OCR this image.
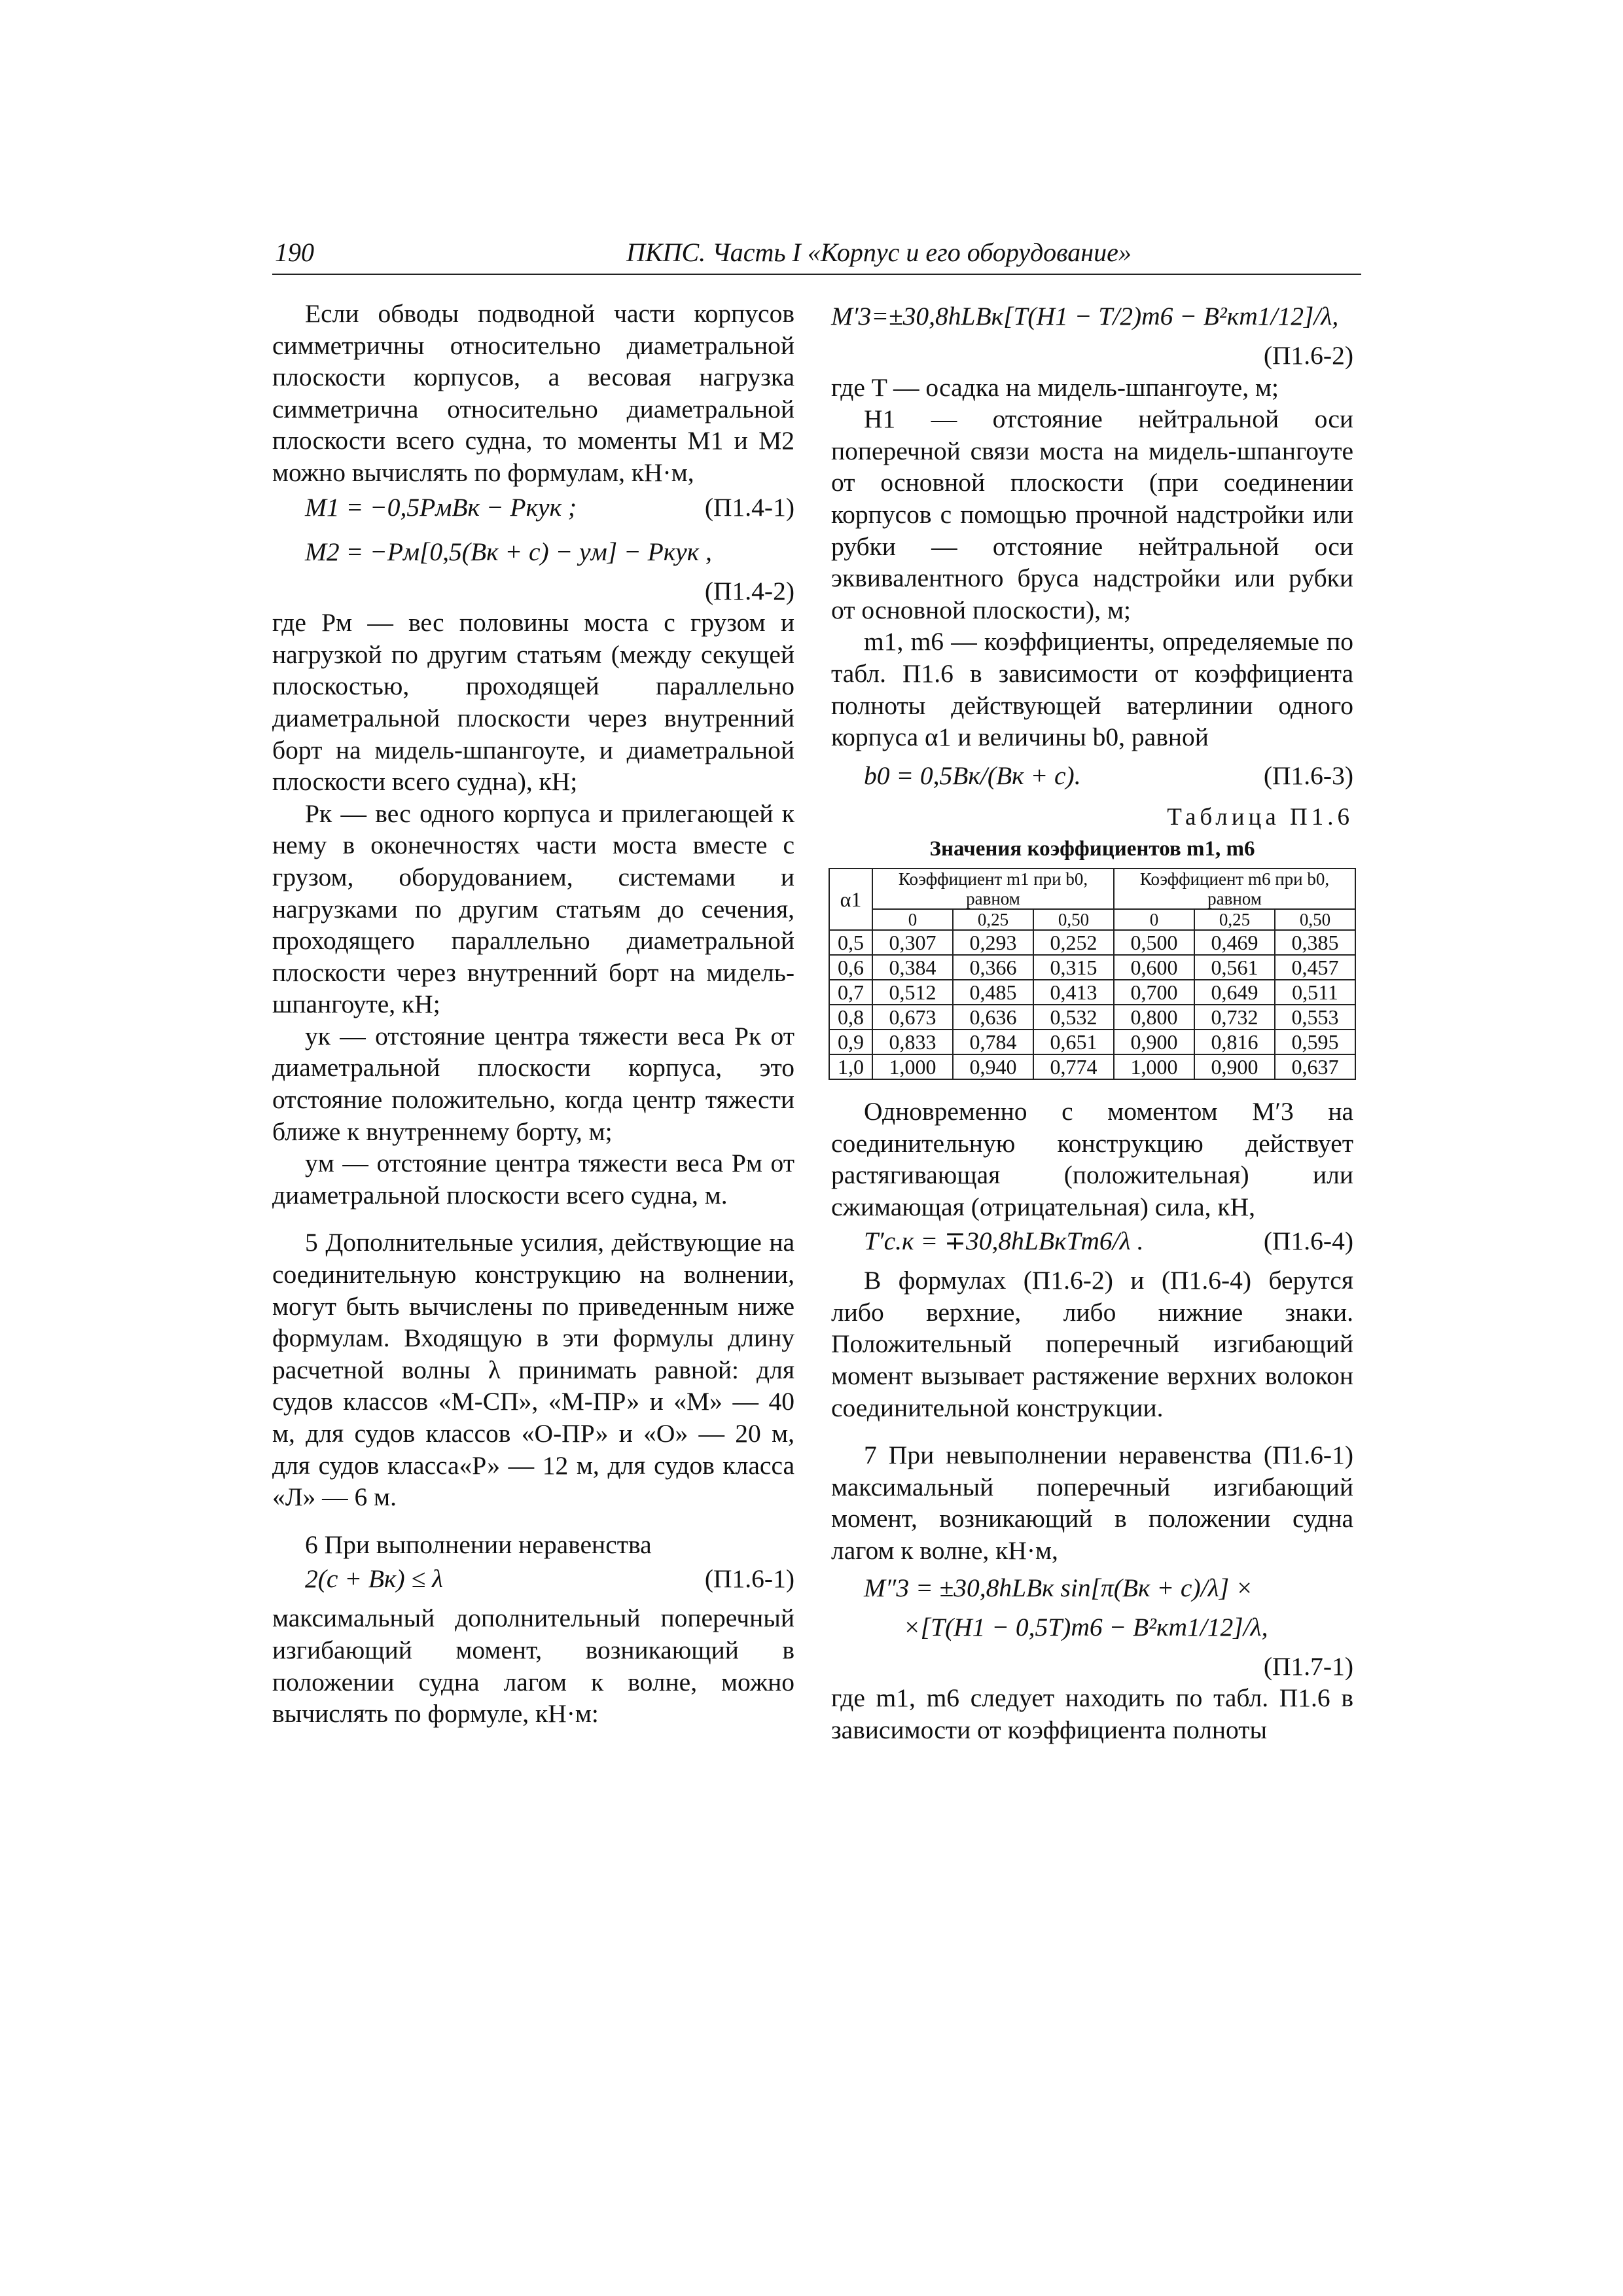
190	ПКПС. Часть I «Корпус и его оборудование»

Если обводы подводной части корпусов симметричны относительно диаметральной плоскости корпусов, а весовая нагрузка симметрична относительно диаметральной плоскости всего судна, то моменты M1 и M2 можно вычислять по формулам, кН·м,

M1 = −0,5PмBк − Pкyк ;	(П1.4-1)
M2 = −Pм[0,5(Bк + c) − yм] − Pкyк ,

(П1.4-2)

где Pм — вес половины моста с грузом и нагрузкой по другим статьям (между секущей плоскостью, проходящей параллельно диаметральной плоскости через внутренний борт на мидель-шпангоуте, и диаметральной плоскости всего судна), кН;

Pк — вес одного корпуса и прилегающей к нему в оконечностях части моста вместе с грузом, оборудованием, системами и нагрузками по другим статьям до сечения, проходящего параллельно диаметральной плоскости через внутренний борт на мидель-шпангоуте, кН;

yк — отстояние центра тяжести веса Pк от диаметральной плоскости корпуса, это отстояние положительно, когда центр тяжести ближе к внутреннему борту, м;

yм — отстояние центра тяжести веса Pм от диаметральной плоскости всего судна, м.

5 Дополнительные усилия, действующие на соединительную конструкцию на волнении, могут быть вычислены по приведенным ниже формулам. Входящую в эти формулы длину расчетной волны λ принимать равной: для судов классов «М-СП», «М-ПР» и «М» — 40 м, для судов классов «О-ПР» и «О» — 20 м, для судов класса«Р» — 12 м, для судов класса «Л» — 6 м.

6 При выполнении неравенства

2(c + Bк) ≤ λ	(П1.6-1)

максимальный дополнительный поперечный изгибающий момент, возникающий в положении судна лагом к волне, можно вычислять по формуле, кН·м:

M′3=±30,8hLBк[T(H1 − T/2)m6 − B²кm1/12]/λ,

(П1.6-2)

где T — осадка на мидель-шпангоуте, м;

H1 — отстояние нейтральной оси поперечной связи моста на мидель-шпангоуте от основной плоскости (при соединении корпусов с помощью прочной надстройки или рубки — отстояние нейтральной оси эквивалентного бруса надстройки или рубки от основной плоскости), м;

m1, m6 — коэффициенты, определяемые по табл. П1.6 в зависимости от коэффициента полноты действующей ватерлинии одного корпуса α1 и величины b0, равной

b0 = 0,5Bк/(Bк + c).	(П1.6-3)

Таблица П1.6

Значения коэффициентов m1, m6

α1	Коэффициент m1 при b0, равном			Коэффициент m6 при b0, равном		
	0	0,25	0,50	0	0,25	0,50
0,5	0,307	0,293	0,252	0,500	0,469	0,385
0,6	0,384	0,366	0,315	0,600	0,561	0,457
0,7	0,512	0,485	0,413	0,700	0,649	0,511
0,8	0,673	0,636	0,532	0,800	0,732	0,553
0,9	0,833	0,784	0,651	0,900	0,816	0,595
1,0	1,000	0,940	0,774	1,000	0,900	0,637

Одновременно с моментом M′3 на соединительную конструкцию действует растягивающая (положительная) или сжимающая (отрицательная) сила, кН,

T′с.к = ∓30,8hLBкTm6/λ .	(П1.6-4)

В формулах (П1.6-2) и (П1.6-4) берутся либо верхние, либо нижние знаки. Положительный поперечный изгибающий момент вызывает растяжение верхних волокон соединительной конструкции.

7 При невыполнении неравенства (П1.6-1) максимальный поперечный изгибающий момент, возникающий в положении судна лагом к волне, кН·м,

M″3 = ±30,8hLBк sin[π(Bк + c)/λ] ×
×[T(H1 − 0,5T)m6 − B²кm1/12]/λ,

(П1.7-1)

где m1, m6 следует находить по табл. П1.6 в зависимости от коэффициента полноты
